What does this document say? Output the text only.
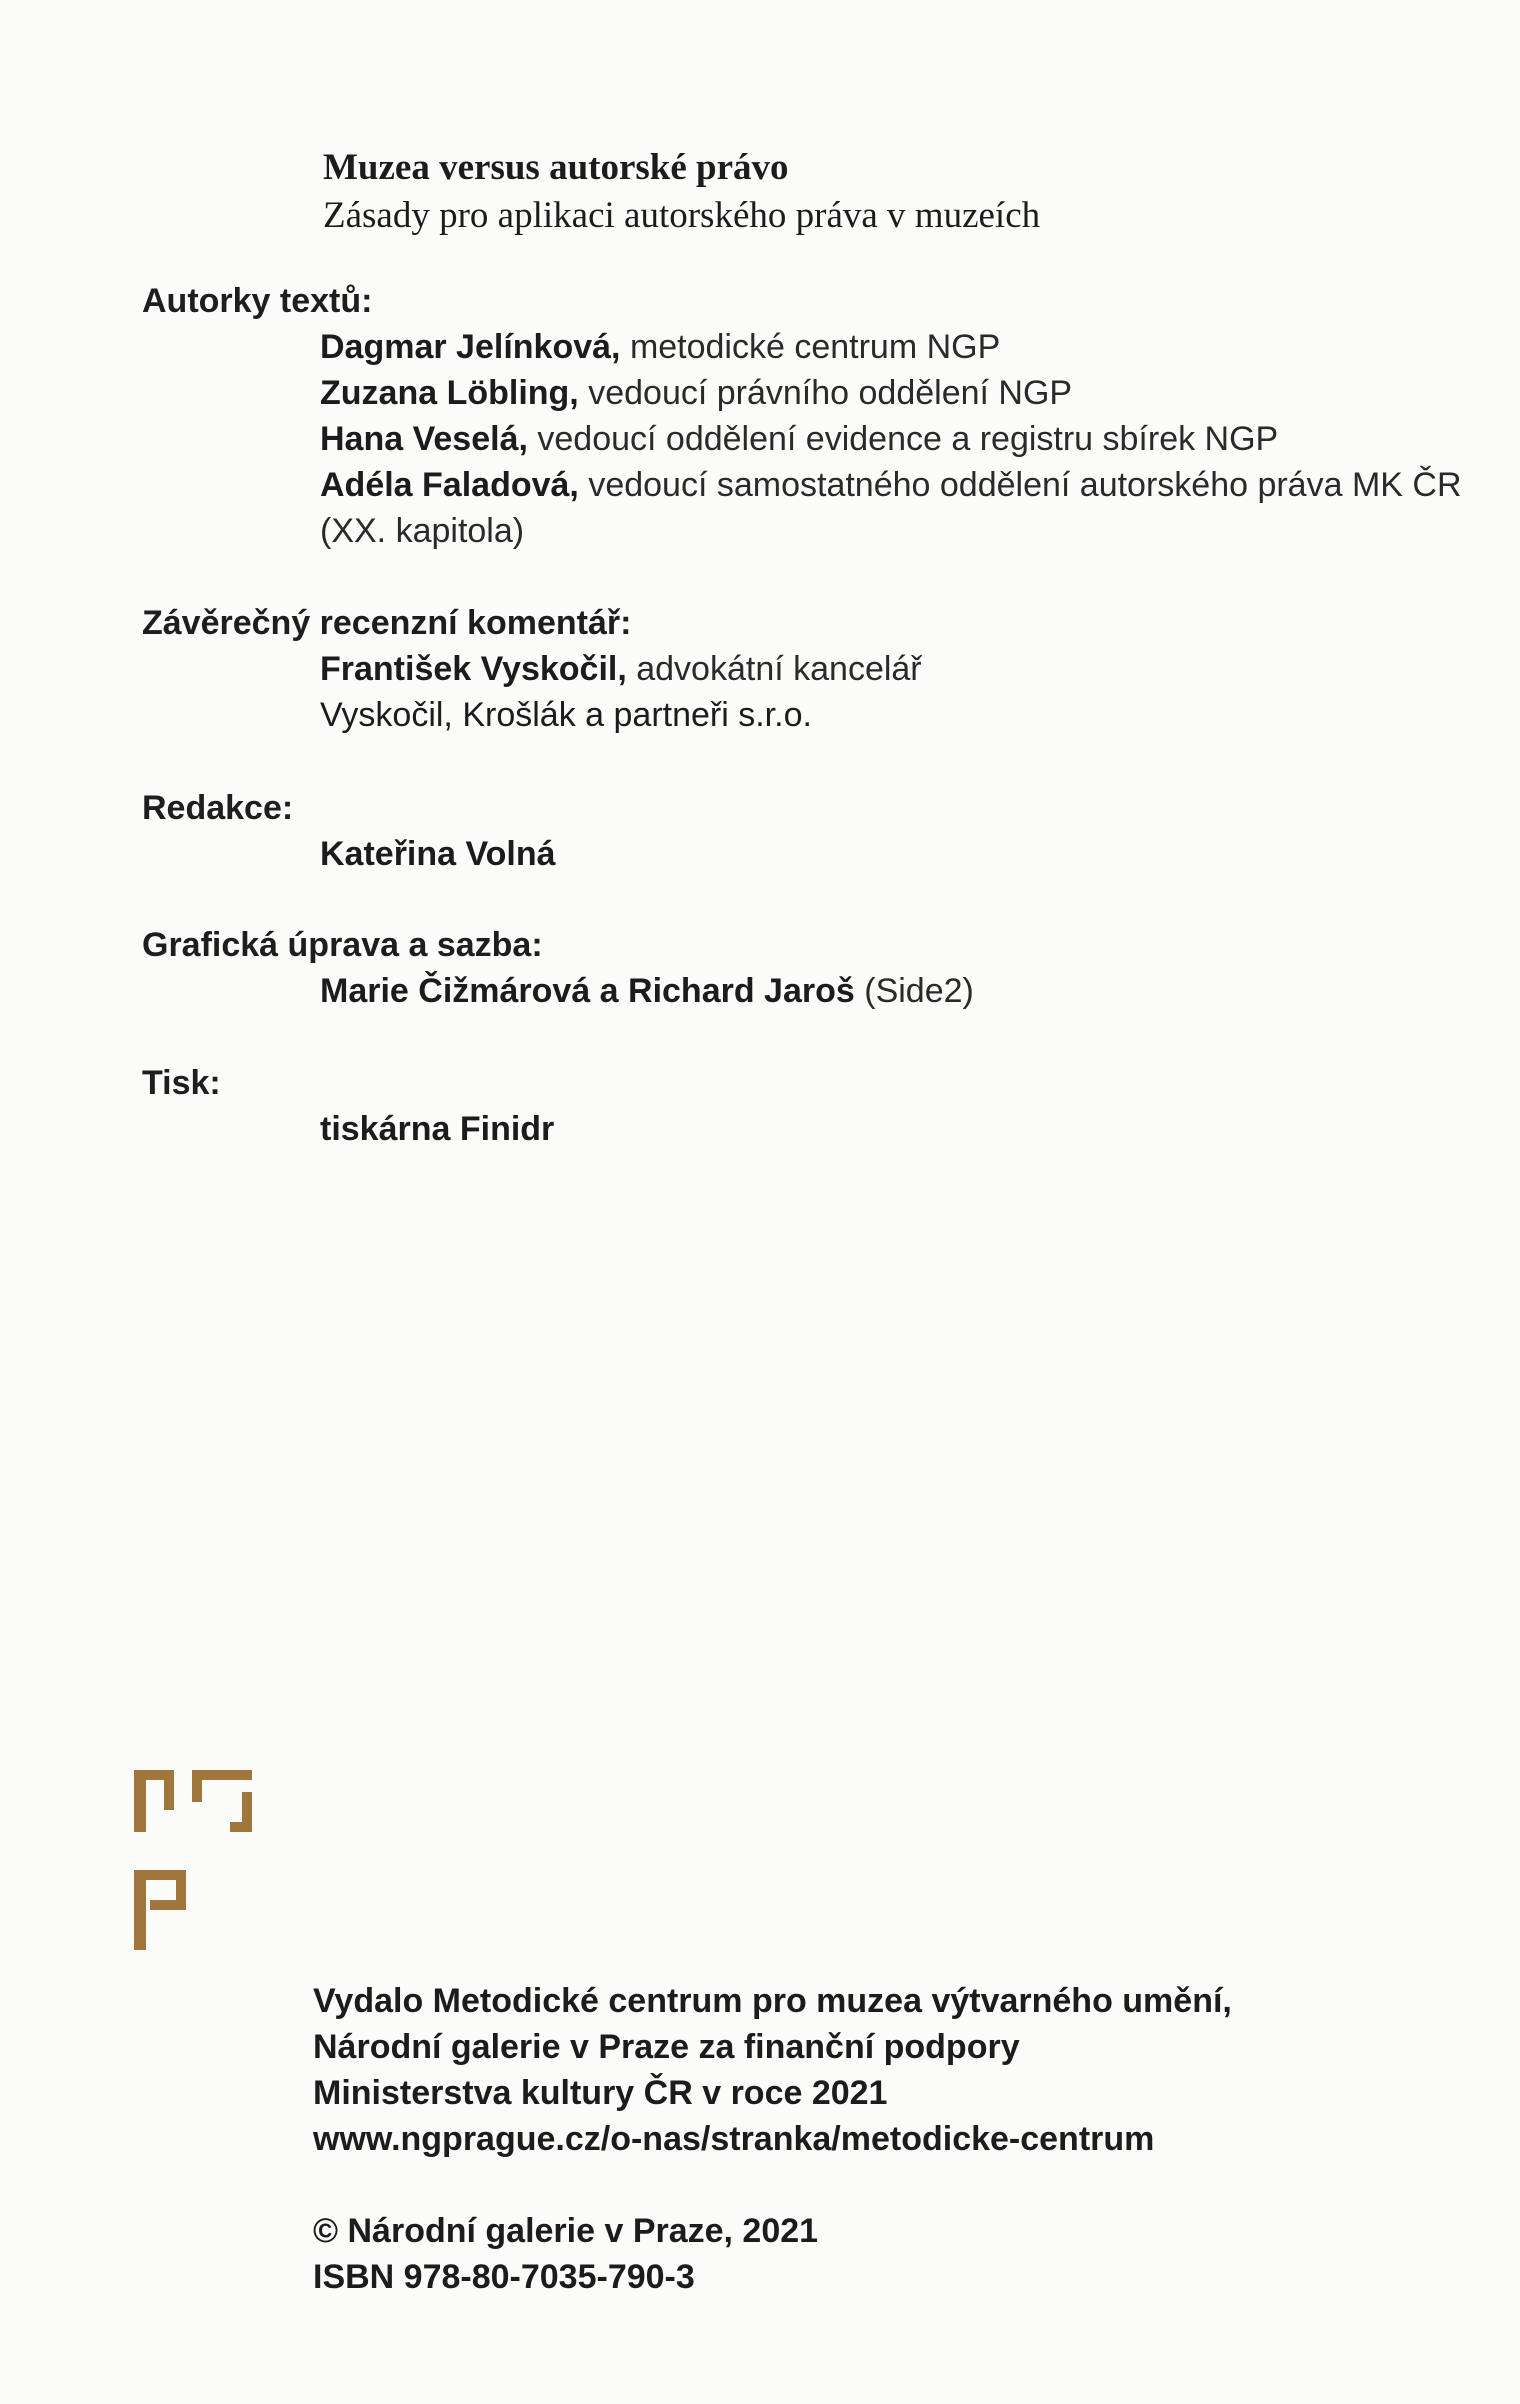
Muzea versus autorské právo
Zásady pro aplikaci autorského práva v muzeích
Autorky textů:
Dagmar Jelínková, metodické centrum NGP
Zuzana Löbling, vedoucí právního oddělení NGP
Hana Veselá, vedoucí oddělení evidence a registru sbírek NGP
Adéla Faladová, vedoucí samostatného oddělení autorského práva MK ČR (XX. kapitola)
Závěrečný recenzní komentář:
František Vyskočil, advokátní kancelář
Vyskočil, Krošlák a partneři s.r.o.
Redakce:
Kateřina Volná
Grafická úprava a sazba:
Marie Čižmárová a Richard Jaroš (Side2)
Tisk:
tiskárna Finidr
Vydalo Metodické centrum pro muzea výtvarného umění,
Národní galerie v Praze za finanční podpory
Ministerstva kultury ČR v roce 2021
www.ngprague.cz/o-nas/stranka/metodicke-centrum
© Národní galerie v Praze, 2021
ISBN 978-80-7035-790-3
